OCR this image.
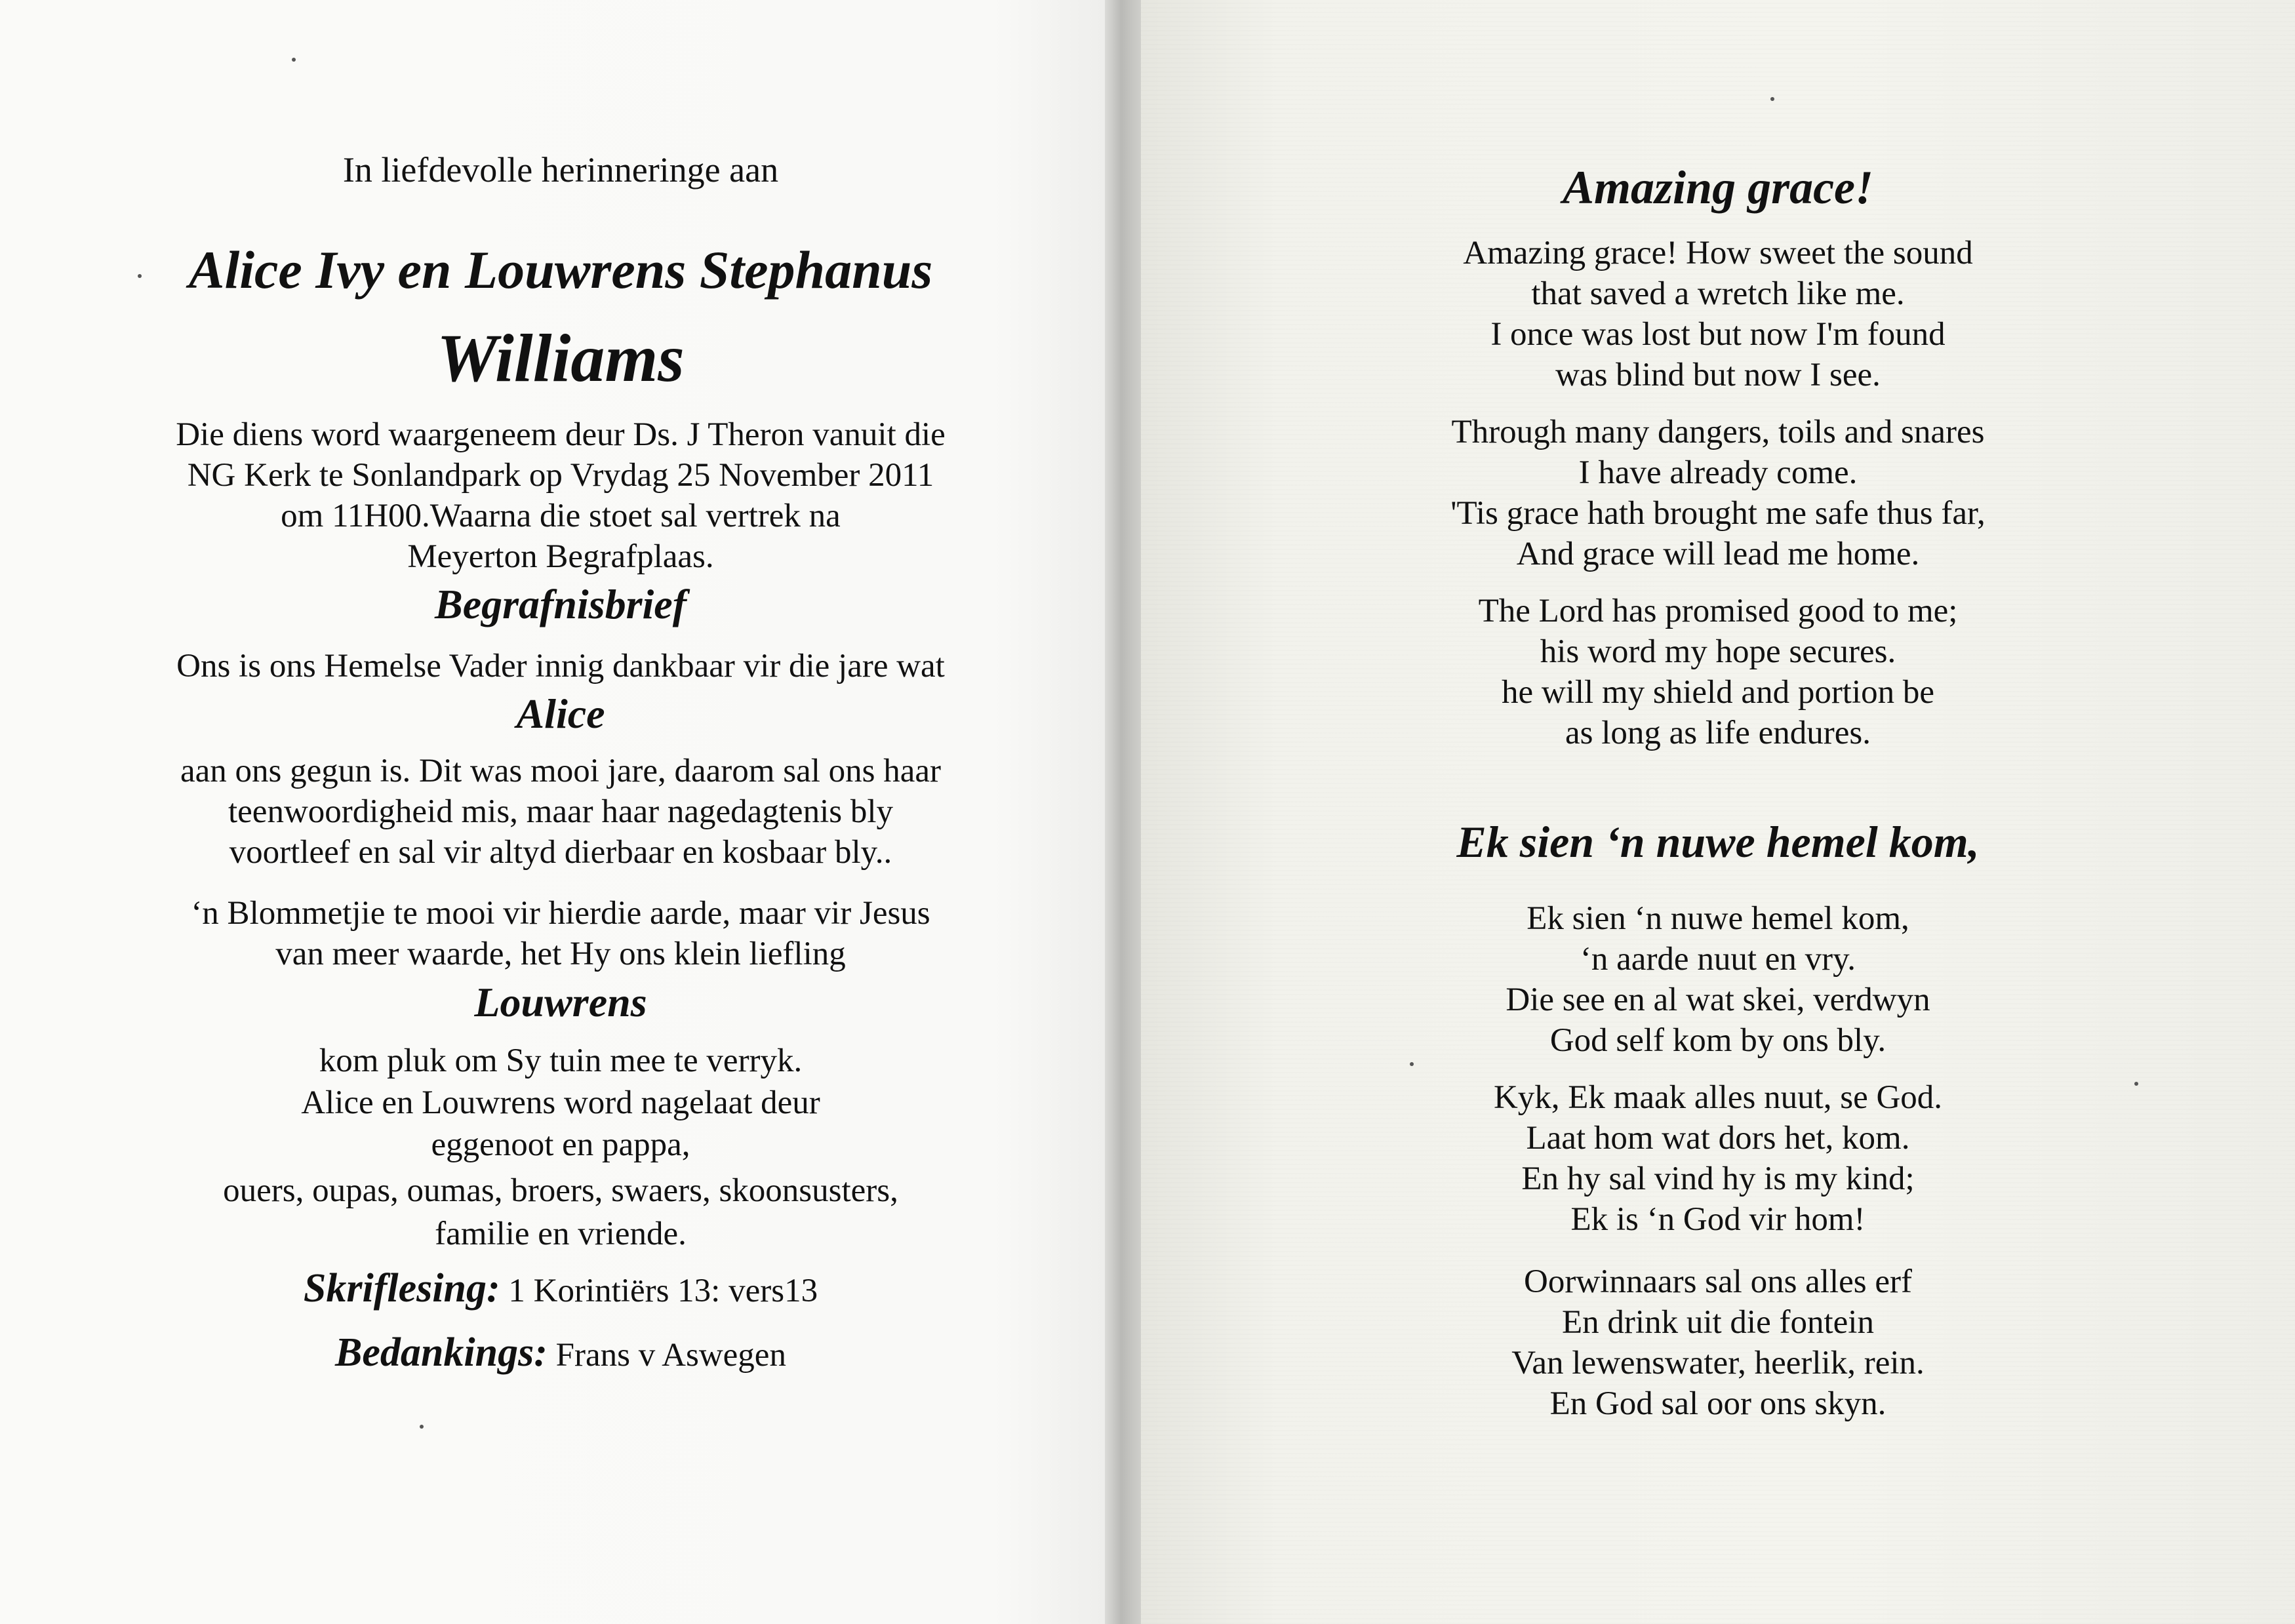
In liefdevolle herinneringe aan
Alice Ivy en Louwrens Stephanus
Williams
Die diens word waargeneem deur Ds. J Theron vanuit die
NG Kerk te Sonlandpark op Vrydag 25 November 2011
om 11H00.Waarna die stoet sal vertrek na
Meyerton Begrafplaas.
Begrafnisbrief
Ons is ons Hemelse Vader innig dankbaar vir die jare wat
Alice
aan ons gegun is. Dit was mooi jare, daarom sal ons haar
teenwoordigheid mis, maar haar nagedagtenis bly
voortleef en sal vir altyd dierbaar en kosbaar bly..
‘n Blommetjie te mooi vir hierdie aarde, maar vir Jesus
van meer waarde, het Hy ons klein liefling
Louwrens
kom pluk om Sy tuin mee te verryk.
Alice en Louwrens word nagelaat deur
eggenoot en pappa,
ouers, oupas, oumas, broers, swaers, skoonsusters,
familie en vriende.
Skriflesing: 1 Korintiërs 13: vers13
Bedankings: Frans v Aswegen
Amazing grace!
Amazing grace! How sweet the sound
that saved a wretch like me.
I once was lost but now I'm found
was blind but now I see.
Through many dangers, toils and snares
I have already come.
'Tis grace hath brought me safe thus far,
And grace will lead me home.
The Lord has promised good to me;
his word my hope secures.
he will my shield and portion be
as long as life endures.
Ek sien ‘n nuwe hemel kom,
Ek sien ‘n nuwe hemel kom,
‘n aarde nuut en vry.
Die see en al wat skei, verdwyn
God self kom by ons bly.
Kyk, Ek maak alles nuut, se God.
Laat hom wat dors het, kom.
En hy sal vind hy is my kind;
Ek is ‘n God vir hom!
Oorwinnaars sal ons alles erf
En drink uit die fontein
Van lewenswater, heerlik, rein.
En God sal oor ons skyn.
